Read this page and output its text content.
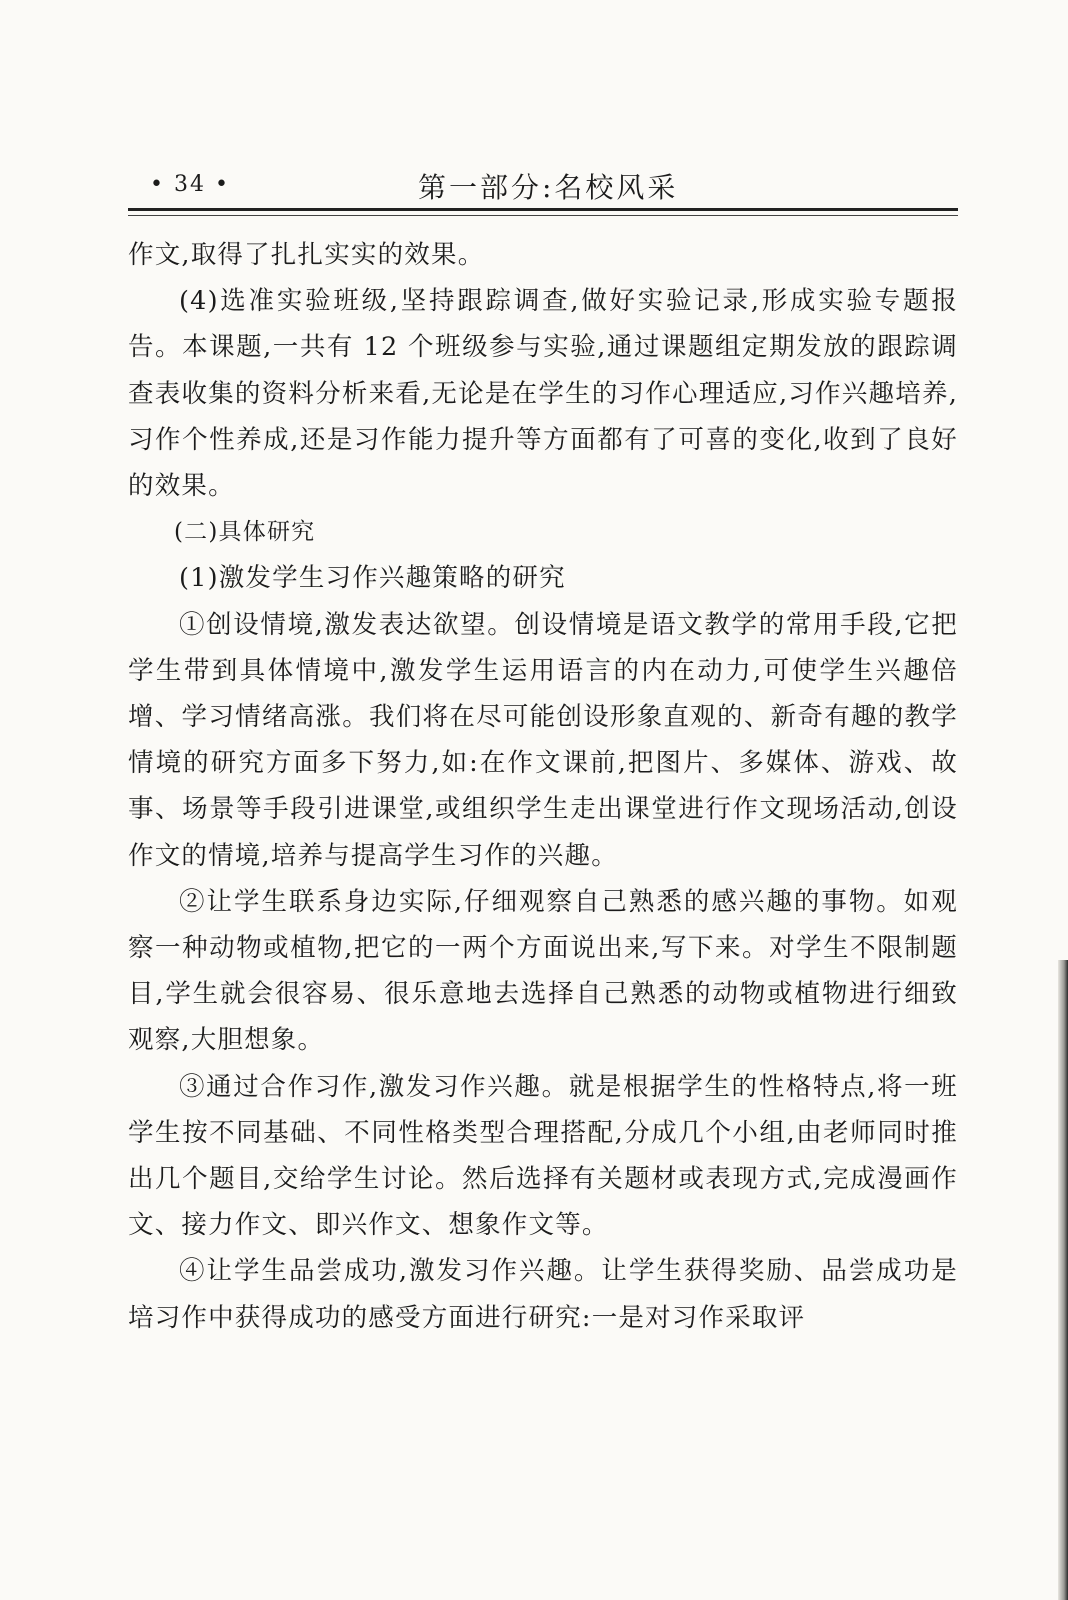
• 34 •	第一部分:名校风采

作文,取得了扎扎实实的效果。

(4)选准实验班级,坚持跟踪调查,做好实验记录,形成实验专题报告。本课题,一共有 12 个班级参与实验,通过课题组定期发放的跟踪调查表收集的资料分析来看,无论是在学生的习作心理适应,习作兴趣培养,习作个性养成,还是习作能力提升等方面都有了可喜的变化,收到了良好的效果。

(二)具体研究

(1)激发学生习作兴趣策略的研究

①创设情境,激发表达欲望。创设情境是语文教学的常用手段,它把学生带到具体情境中,激发学生运用语言的内在动力,可使学生兴趣倍增、学习情绪高涨。我们将在尽可能创设形象直观的、新奇有趣的教学情境的研究方面多下努力,如:在作文课前,把图片、多媒体、游戏、故事、场景等手段引进课堂,或组织学生走出课堂进行作文现场活动,创设作文的情境,培养与提高学生习作的兴趣。

②让学生联系身边实际,仔细观察自己熟悉的感兴趣的事物。如观察一种动物或植物,把它的一两个方面说出来,写下来。对学生不限制题目,学生就会很容易、很乐意地去选择自己熟悉的动物或植物进行细致观察,大胆想象。

③通过合作习作,激发习作兴趣。就是根据学生的性格特点,将一班学生按不同基础、不同性格类型合理搭配,分成几个小组,由老师同时推出几个题目,交给学生讨论。然后选择有关题材或表现方式,完成漫画作文、接力作文、即兴作文、想象作文等。

④让学生品尝成功,激发习作兴趣。让学生获得奖励、品尝成功是培习作中获得成功的感受方面进行研究:一是对习作采取评
